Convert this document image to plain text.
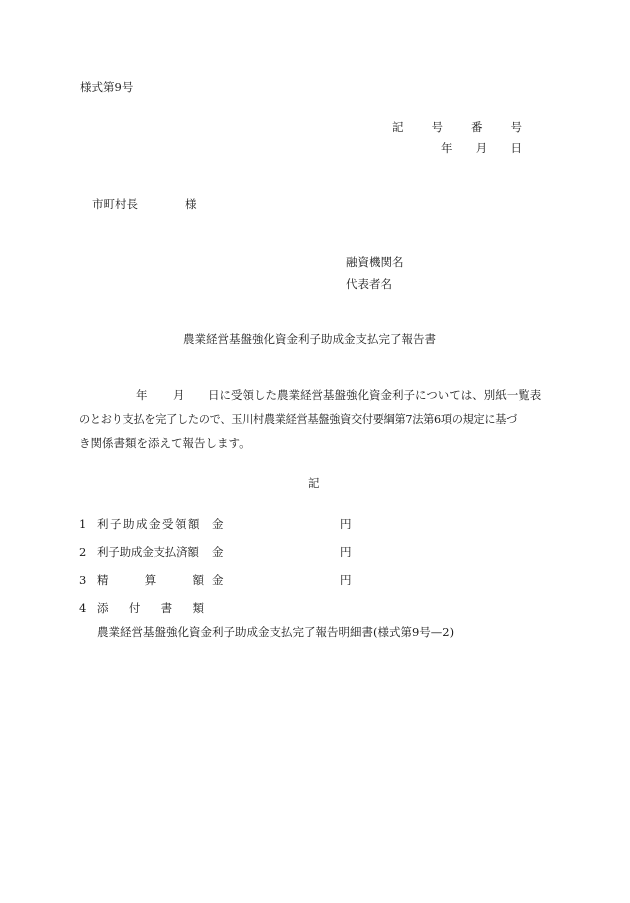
様式第9号
記 号 番 号
年 月 日
市町村長	様
融資機関名
代表者名
農業経営基盤強化資金利子助成金支払完了報告書
年 月 日に受領した農業経営基盤強化資金利子については、別紙一覧表
のとおり支払を完了したので、玉川村農業経営基盤強資交付要綱第7法第6項の規定に基づ
き関係書類を添えて報告します。
記
1 利子助成金受領額 金	円
2 利子助成金支払済額 金	円
3 精	算	額 金	円
4 添 付 書 類
農業経営基盤強化資金利子助成金支払完了報告明細書(様式第9号—2)
